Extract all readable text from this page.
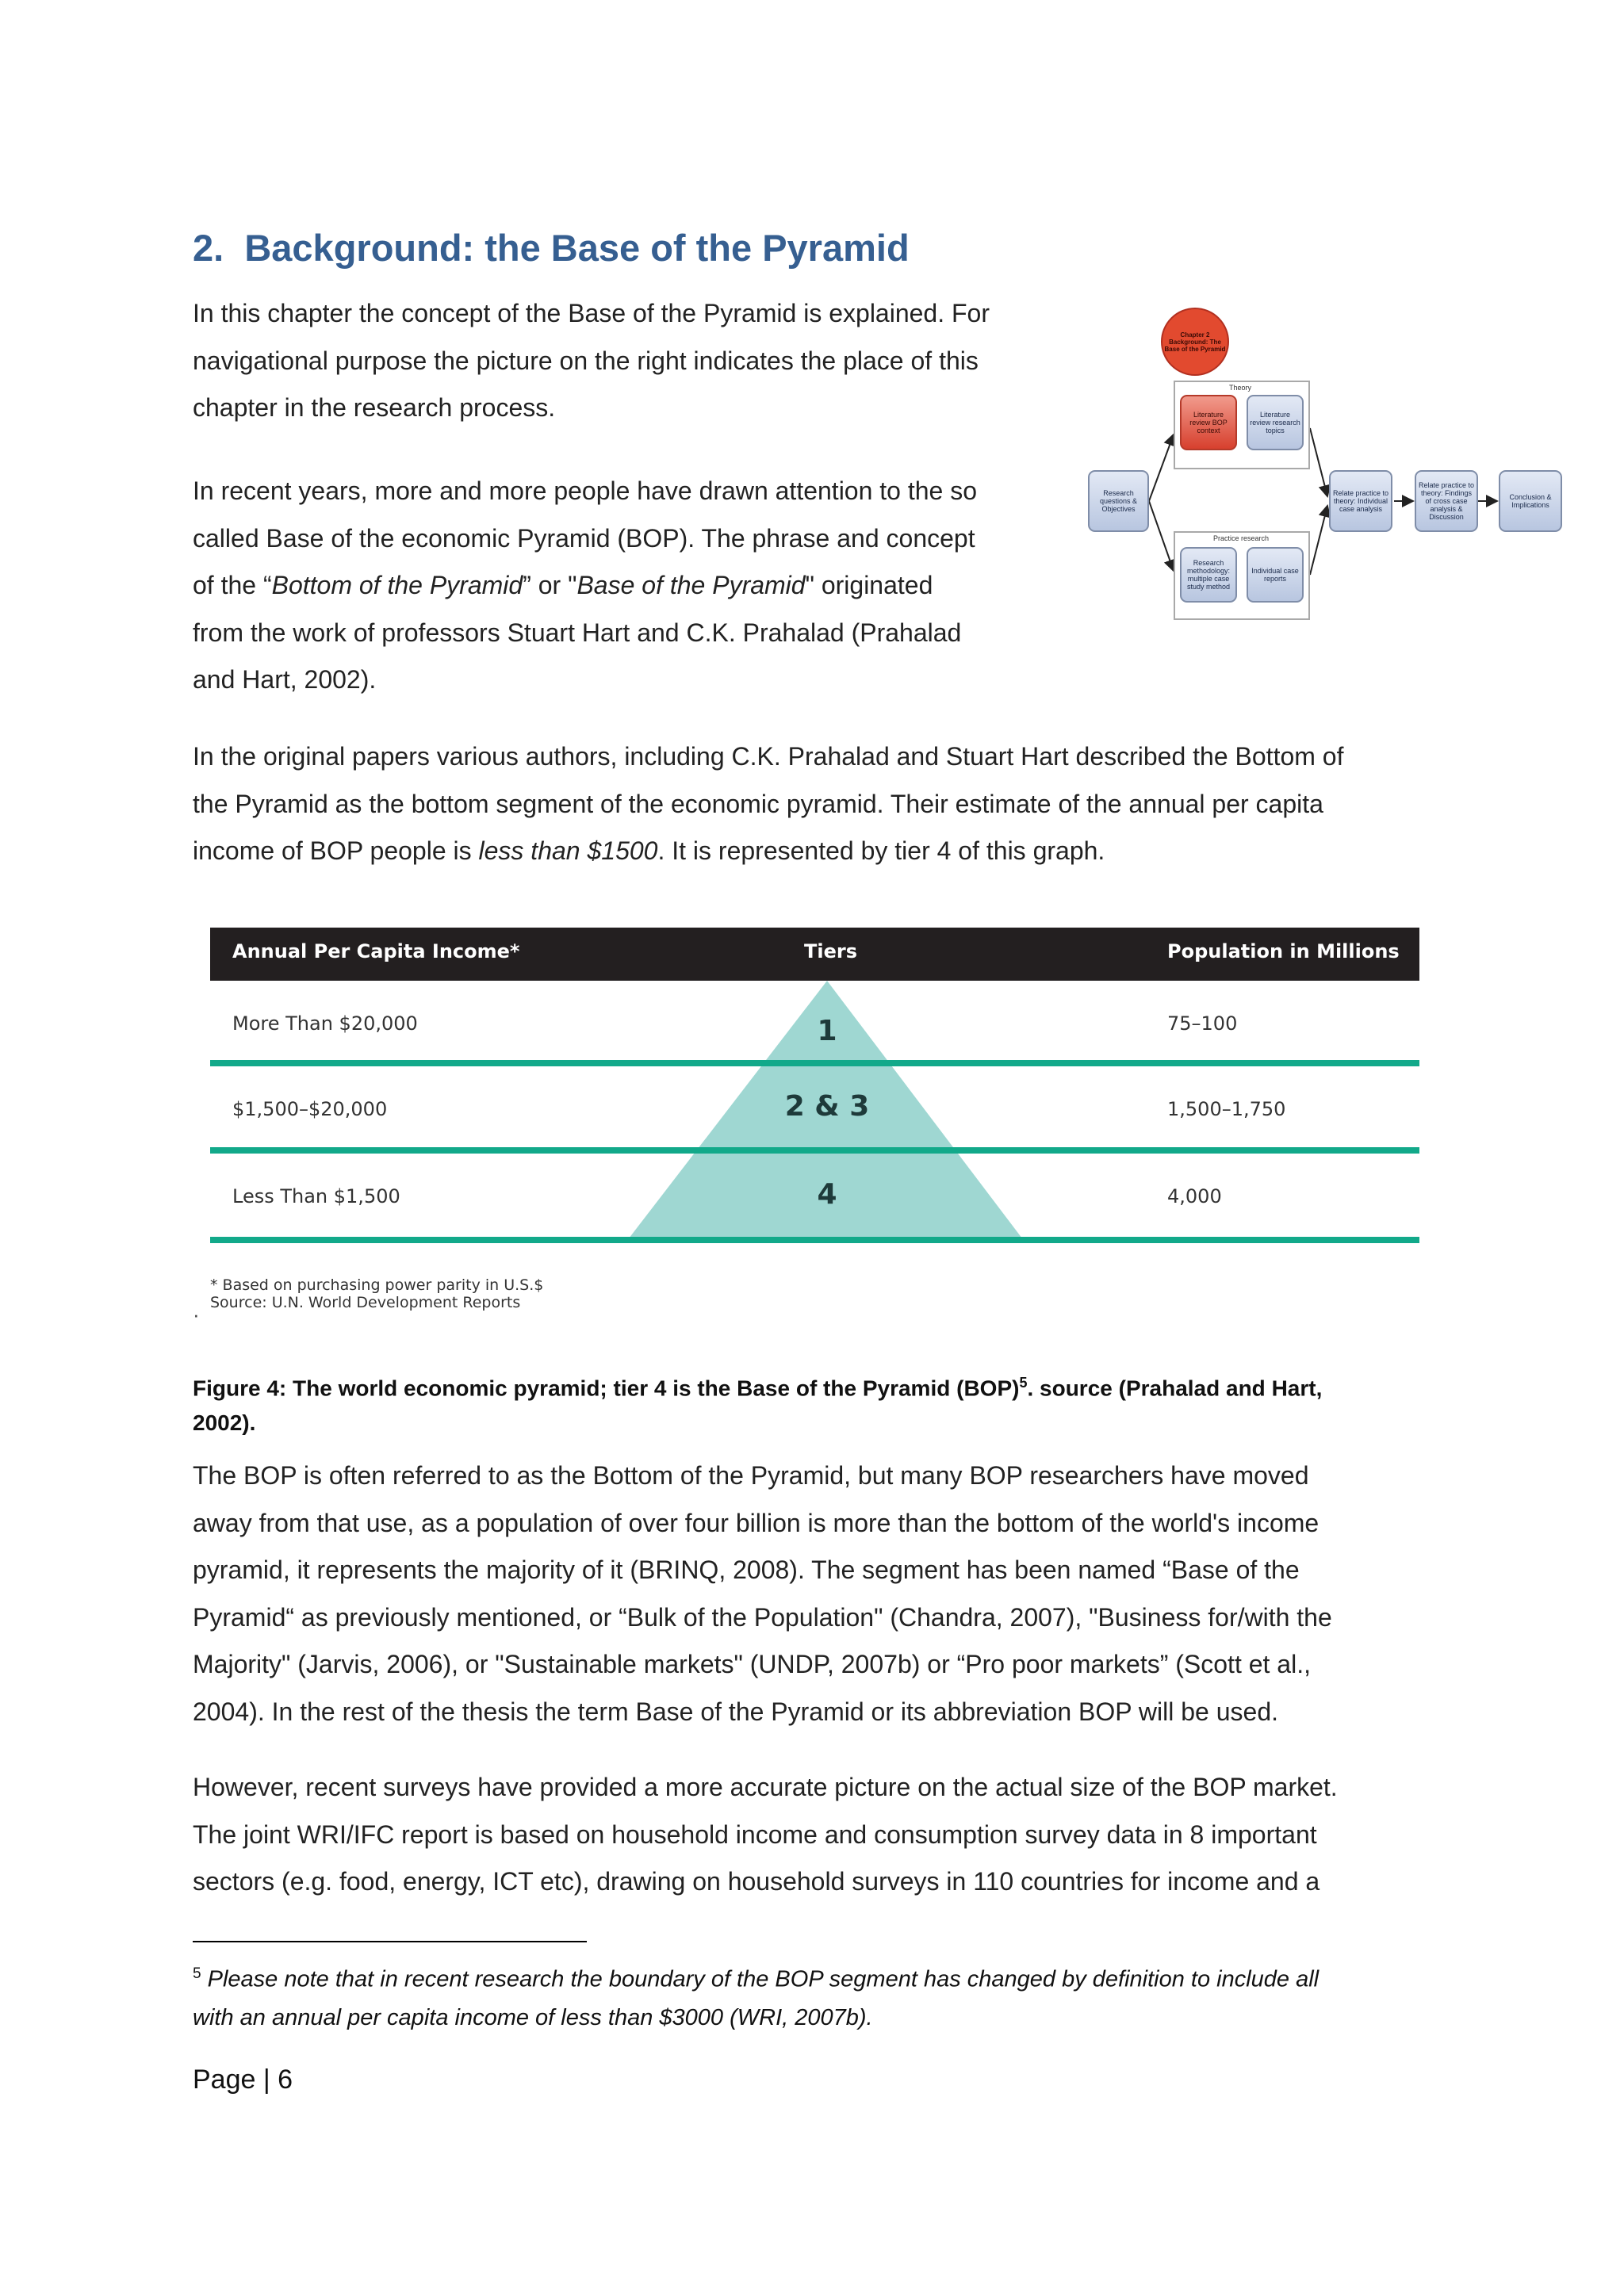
2. Background: the Base of the Pyramid
In this chapter the concept of the Base of the Pyramid is explained. For
navigational purpose the picture on the right indicates the place of this
chapter in the research process.
In recent years, more and more people have drawn attention to the so
called Base of the economic Pyramid (BOP). The phrase and concept
of the “Bottom of the Pyramid” or "Base of the Pyramid" originated
from the work of professors Stuart Hart and C.K. Prahalad (Prahalad
and Hart, 2002).
Chapter 2 Background: The Base of the Pyramid
Theory
Literature review BOP context
Literature review research topics
Practice research
Research methodology: multiple case study method
Individual case reports
Research questions & Objectives
Relate practice to theory: Individual case analysis
Relate practice to theory: Findings of cross case analysis & Discussion
Conclusion & Implications
In the original papers various authors, including C.K. Prahalad and Stuart Hart described the Bottom of
the Pyramid as the bottom segment of the economic pyramid. Their estimate of the annual per capita
income of BOP people is less than $1500. It is represented by tier 4 of this graph.
Annual Per Capita Income*	Tiers	Population in Millions
More Than $20,000	1	75–100
$1,500–$20,000	2 & 3	1,500–1,750
Less Than $1,500	4	4,000
* Based on purchasing power parity in U.S.$
Source: U.N. World Development Reports
·
Figure 4: The world economic pyramid; tier 4 is the Base of the Pyramid (BOP)$^5$. source (Prahalad and Hart,
2002).
The BOP is often referred to as the Bottom of the Pyramid, but many BOP researchers have moved
away from that use, as a population of over four billion is more than the bottom of the world's income
pyramid, it represents the majority of it (BRINQ, 2008). The segment has been named “Base of the
Pyramid“ as previously mentioned, or “Bulk of the Population" (Chandra, 2007), "Business for/with the
Majority" (Jarvis, 2006), or "Sustainable markets" (UNDP, 2007b) or “Pro poor markets” (Scott et al.,
2004). In the rest of the thesis the term Base of the Pyramid or its abbreviation BOP will be used.
However, recent surveys have provided a more accurate picture on the actual size of the BOP market.
The joint WRI/IFC report is based on household income and consumption survey data in 8 important
sectors (e.g. food, energy, ICT etc), drawing on household surveys in 110 countries for income and a
$^5$ Please note that in recent research the boundary of the BOP segment has changed by definition to include all
with an annual per capita income of less than $3000 (WRI, 2007b).
Page | 6
